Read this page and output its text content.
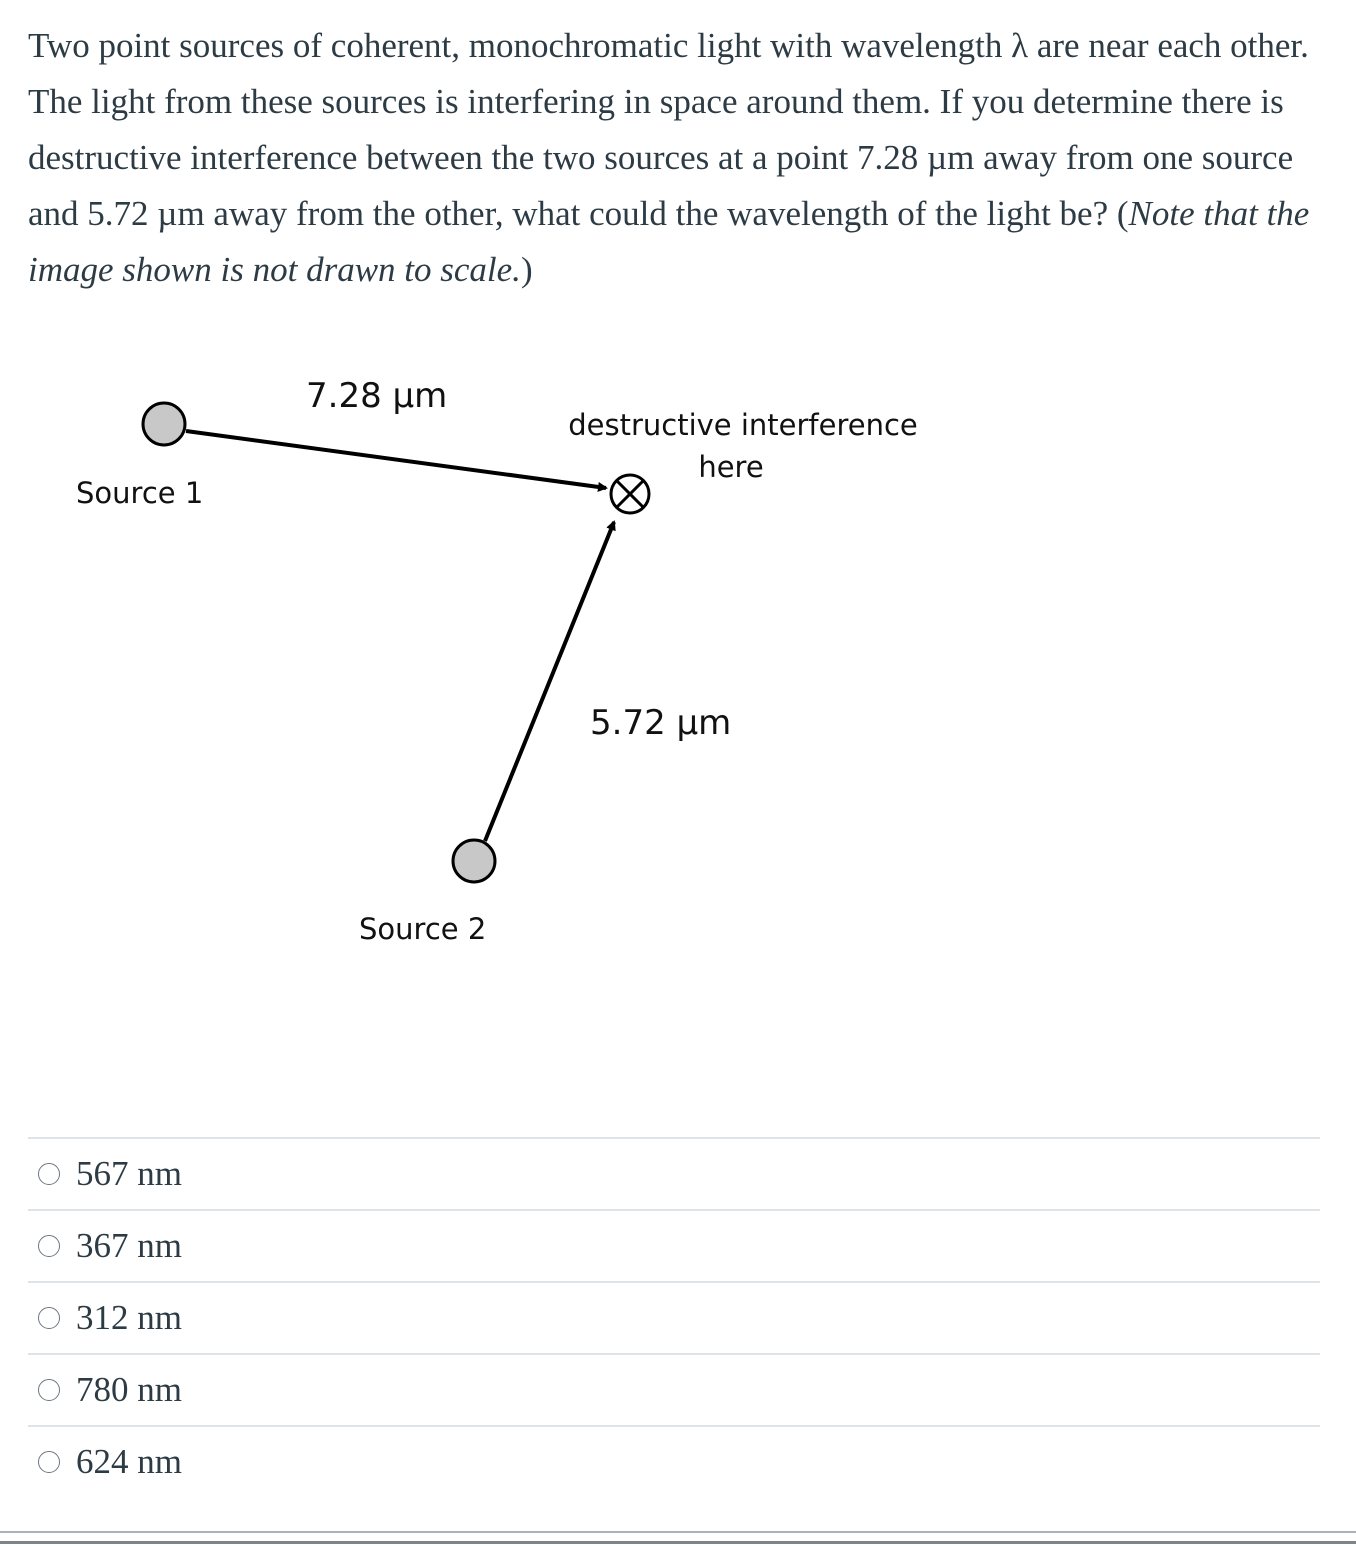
Two point sources of coherent, monochromatic light with wavelength λ are near each other. The light from these sources is interfering in space around them. If you determine there is destructive interference between the two sources at a point 7.28 µm away from one source and 5.72 µm away from the other, what could the wavelength of the light be? (Note that the image shown is not drawn to scale.)
7.28 µm
destructive interference
here
Source 1
5.72 µm
Source 2
567 nm
367 nm
312 nm
780 nm
624 nm
